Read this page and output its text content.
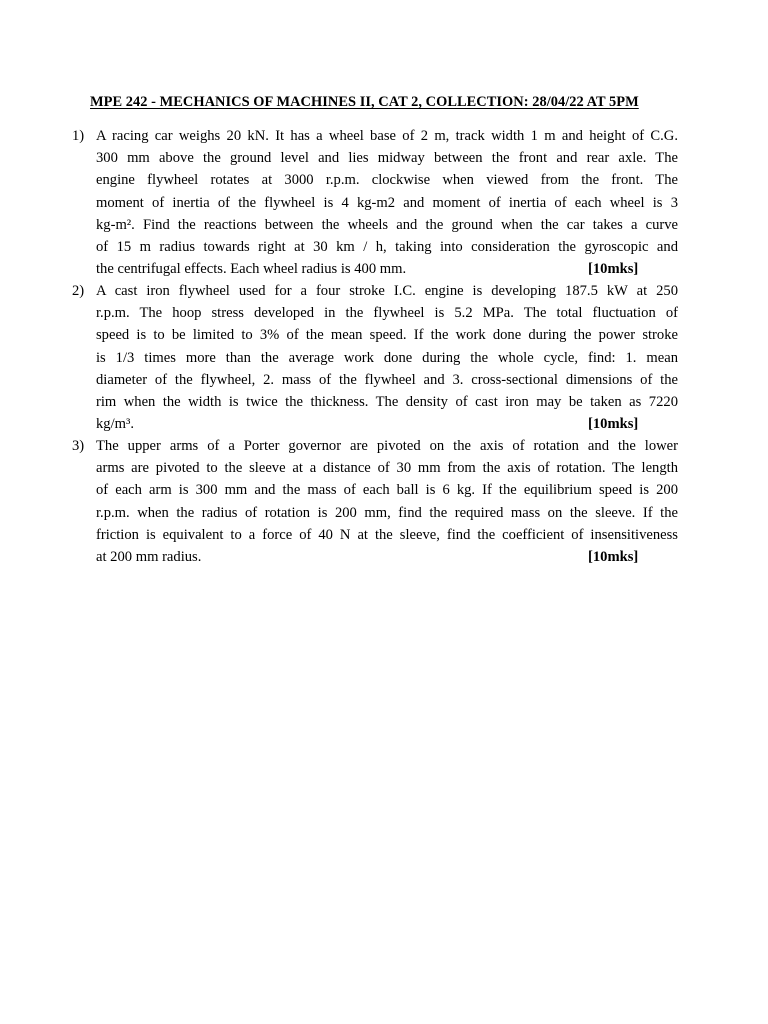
MPE 242 - MECHANICS OF MACHINES II, CAT 2, COLLECTION: 28/04/22 AT 5PM
1) A racing car weighs 20 kN. It has a wheel base of 2 m, track width 1 m and height of C.G.
300 mm above the ground level and lies midway between the front and rear axle. The
engine flywheel rotates at 3000 r.p.m. clockwise when viewed from the front. The
moment of inertia of the flywheel is 4 kg-m2 and moment of inertia of each wheel is 3
kg-m². Find the reactions between the wheels and the ground when the car takes a curve
of 15 m radius towards right at 30 km / h, taking into consideration the gyroscopic and
the centrifugal effects. Each wheel radius is 400 mm.	[10mks]
2) A cast iron flywheel used for a four stroke I.C. engine is developing 187.5 kW at 250
r.p.m. The hoop stress developed in the flywheel is 5.2 MPa. The total fluctuation of
speed is to be limited to 3% of the mean speed. If the work done during the power stroke
is 1/3 times more than the average work done during the whole cycle, find: 1. mean
diameter of the flywheel, 2. mass of the flywheel and 3. cross-sectional dimensions of the
rim when the width is twice the thickness. The density of cast iron may be taken as 7220
kg/m³.	[10mks]
3) The upper arms of a Porter governor are pivoted on the axis of rotation and the lower
arms are pivoted to the sleeve at a distance of 30 mm from the axis of rotation. The length
of each arm is 300 mm and the mass of each ball is 6 kg. If the equilibrium speed is 200
r.p.m. when the radius of rotation is 200 mm, find the required mass on the sleeve. If the
friction is equivalent to a force of 40 N at the sleeve, find the coefficient of insensitiveness
at 200 mm radius.	[10mks]
